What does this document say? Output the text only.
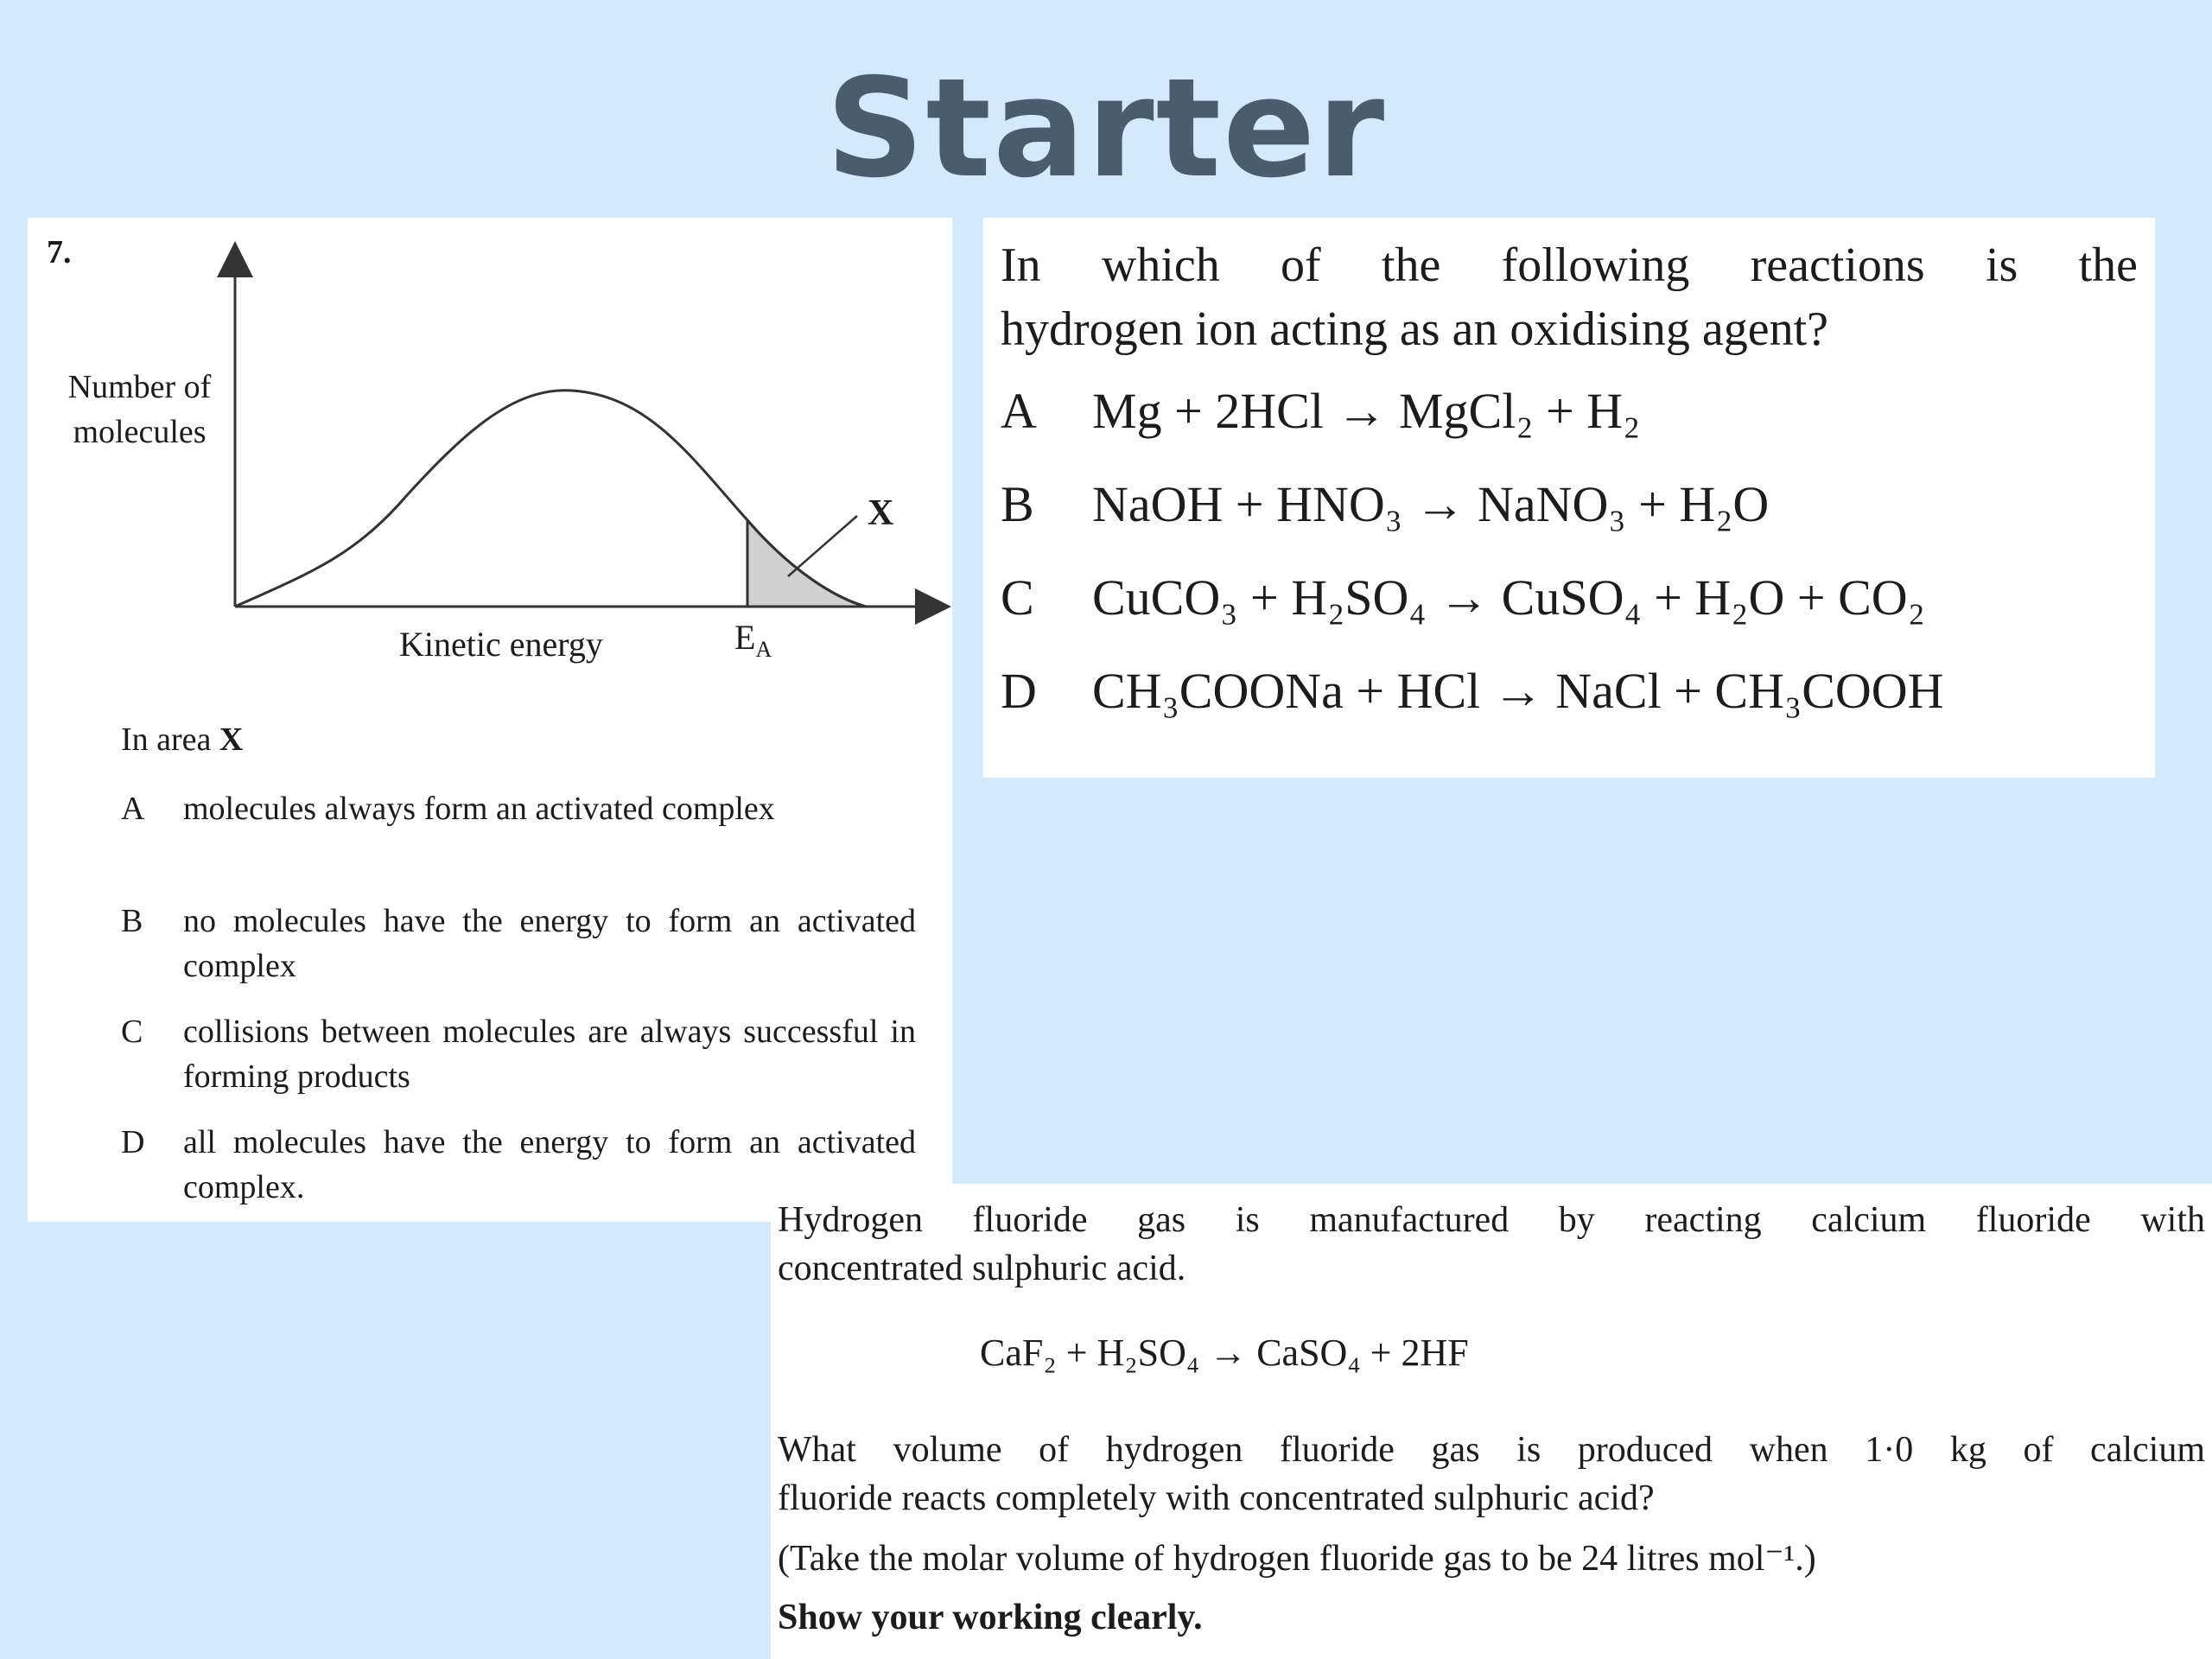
Starter
7.
Number of
molecules
Kinetic energy	$E_A$
X
In area X
A molecules always form an activated complex
B no molecules have the energy to form an activated complex
C collisions between molecules are always successful in forming products
D all molecules have the energy to form an activated complex.
In which of the following reactions is the
hydrogen ion acting as an oxidising agent?
A Mg + 2HCl → MgCl₂ + H₂
B NaOH + HNO₃ → NaNO₃ + H₂O
C CuCO₃ + H₂SO₄ → CuSO₄ + H₂O + CO₂
D CH₃COONa + HCl → NaCl + CH₃COOH
Hydrogen fluoride gas is manufactured by reacting calcium fluoride with
concentrated sulphuric acid.
CaF₂ + H₂SO₄ → CaSO₄ + 2HF
What volume of hydrogen fluoride gas is produced when 1·0 kg of calcium
fluoride reacts completely with concentrated sulphuric acid?
(Take the molar volume of hydrogen fluoride gas to be 24 litres mol⁻¹.)
Show your working clearly.
